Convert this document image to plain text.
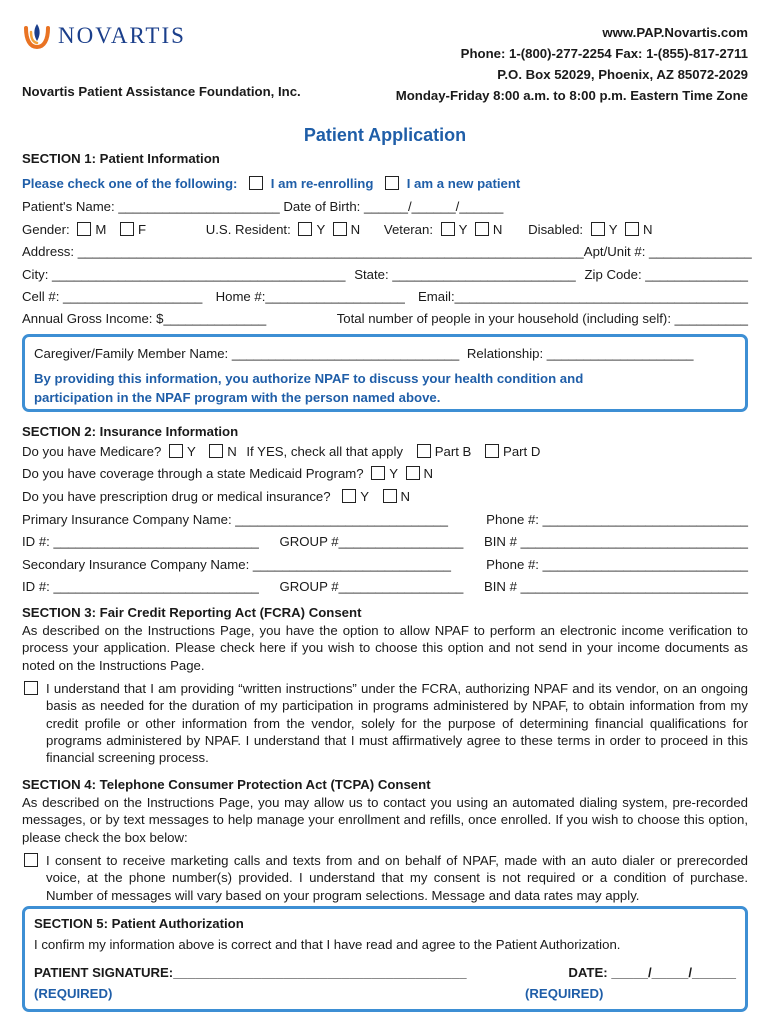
NOVARTIS
Novartis Patient Assistance Foundation, Inc.
www.PAP.Novartis.com
Phone: 1-(800)-277-2254 Fax: 1-(855)-817-2711
P.O. Box 52029, Phoenix, AZ 85072-2029
Monday-Friday 8:00 a.m. to 8:00 p.m. Eastern Time Zone
Patient Application
SECTION 1: Patient Information
Please check one of the following:	I am re-enrolling	I am a new patient
Patient's Name: ______________________ Date of Birth: ______/______/______
Gender: M F	U.S. Resident: Y N Veteran: Y N Disabled: Y N
Address: _____________________________________________________________________ Apt/Unit #: ______________
City: ________________________________________ State: _________________________ Zip Code: ______________
Cell #: ___________________ Home #:___________________ Email:________________________________________
Annual Gross Income: $______________	Total number of people in your household (including self): __________
Caregiver/Family Member Name: _______________________________ Relationship: ____________________
By providing this information, you authorize NPAF to discuss your health condition and
participation in the NPAF program with the person named above.
SECTION 2: Insurance Information
Do you have Medicare? Y N If YES, check all that apply Part B Part D
Do you have coverage through a state Medicaid Program? Y N
Do you have prescription drug or medical insurance? Y N
Primary Insurance Company Name: _____________________________	Phone #: ____________________________
ID #: ____________________________ GROUP #_________________ BIN # _______________________________
Secondary Insurance Company Name: ___________________________	Phone #: ____________________________
ID #: ____________________________ GROUP #_________________ BIN # _______________________________
SECTION 3: Fair Credit Reporting Act (FCRA) Consent
As described on the Instructions Page, you have the option to allow NPAF to perform an electronic income verification to process your application. Please check here if you wish to choose this option and not send in your income documents as noted on the Instructions Page.
I understand that I am providing “written instructions” under the FCRA, authorizing NPAF and its vendor, on an ongoing basis as needed for the duration of my participation in programs administered by NPAF, to obtain information from my credit profile or other information from the vendor, solely for the purpose of determining financial qualifications for programs administered by NPAF. I understand that I must affirmatively agree to these terms in order to proceed in this financial screening process.
SECTION 4: Telephone Consumer Protection Act (TCPA) Consent
As described on the Instructions Page, you may allow us to contact you using an automated dialing system, pre-recorded messages, or by text messages to help manage your enrollment and refills, once enrolled. If you wish to choose this option, please check the box below:
I consent to receive marketing calls and texts from and on behalf of NPAF, made with an auto dialer or prerecorded voice, at the phone number(s) provided. I understand that my consent is not required or a condition of purchase. Number of messages will vary based on your program selections. Message and data rates may apply.
SECTION 5: Patient Authorization
I confirm my information above is correct and that I have read and agree to the Patient Authorization.
PATIENT SIGNATURE:________________________________________	DATE: _____/_____/______
(REQUIRED)	(REQUIRED)
